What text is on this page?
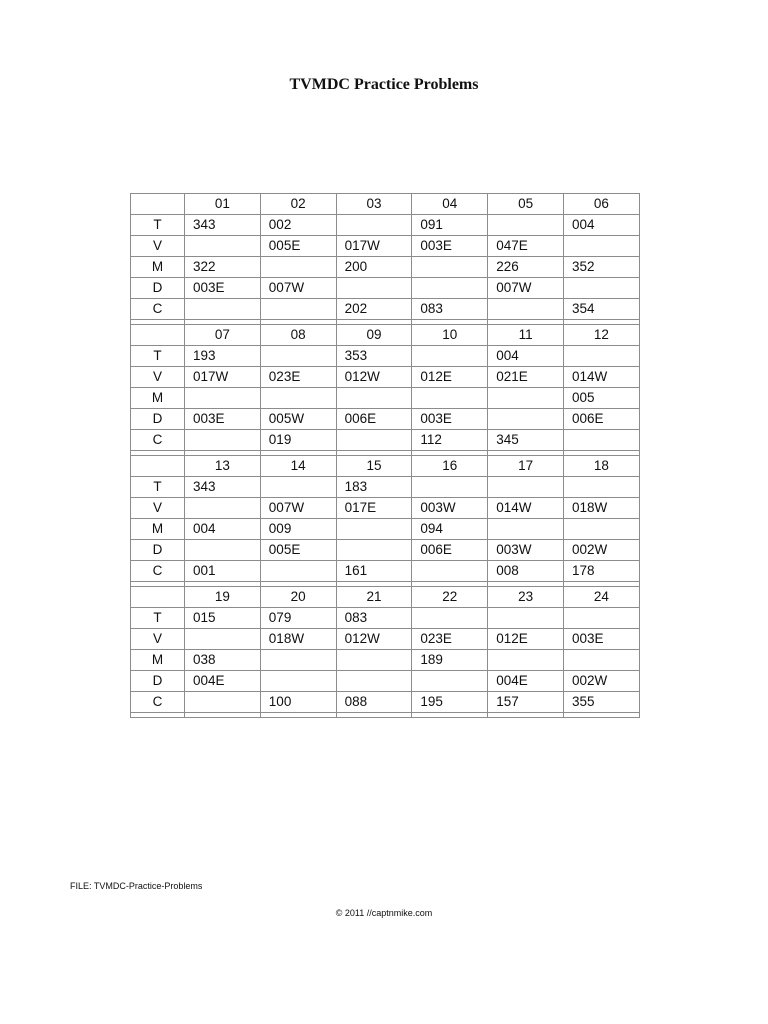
TVMDC Practice Problems
	01	02	03	04	05	06
T	343	002		091		004
V		005E	017W	003E	047E	
M	322		200		226	352
D	003E	007W			007W	
C			202	083		354

	07	08	09	10	11	12
T	193		353		004	
V	017W	023E	012W	012E	021E	014W
M						005
D	003E	005W	006E	003E		006E
C		019		112	345	

	13	14	15	16	17	18
T	343		183			
V		007W	017E	003W	014W	018W
M	004	009		094		
D		005E		006E	003W	002W
C	001		161		008	178

	19	20	21	22	23	24
T	015	079	083			
V		018W	012W	023E	012E	003E
M	038			189		
D	004E				004E	002W
C		100	088	195	157	355

FILE: TVMDC-Practice-Problems
© 2011 //captnmike.com
